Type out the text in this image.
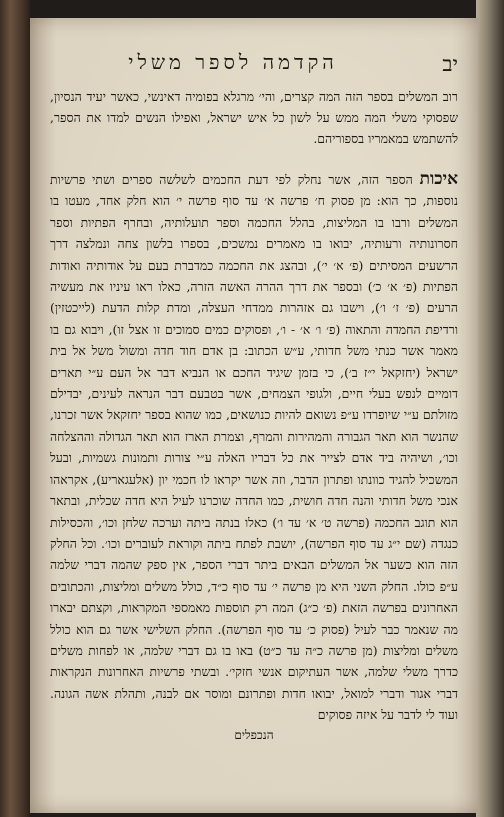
יב
הקדמה לספר משלי

רוב המשלים בספר הזה המה קצרים, והי׳ מרגלא בפומיה דאינשי, כאשר יעיד הנסיון, שפסוקי משלי המה ממש על לשון כל איש ישראל, ואפילו הנשים למדו את הספר, להשתמש במאמריו בספוריהם.

איכות הספר הזה, אשר נחלק לפי דעת החכמים לשלשה ספרים ושתי פרשיות נוספות, כך הוא: מן פסוק ח׳ פרשה א׳ עד סוף פרשה י׳ הוא חלק אחד, מעטו בו המשלים ורבו בו המליצות, בהלל החכמה וספר תועלותיה, ובחרף הפתיות וספר חסרונותיה ורעותיה, יבואו בו מאמרים נמשכים, בספרו בלשון צחה ונמלצה דרך הרשעים המסיתים (פ׳ א׳ י׳), ובהצג את החכמה כמדברת בעם על אודותיה ואודות הפתיות (פ׳ א׳ כ׳) ובספר את דרך ההרה האשה הזרה, כאלו ראו עיניו את מעשיה הרעים (פ׳ ז׳ ו׳), וישבו גם אזהרות ממדחי העצלה, ומדת קלות הדעת (לייכטזין) ורדיפת החמדה והתאוה (פ׳ ו׳ א׳ - ו׳, ופסוקים כמים סמוכים זו אצל זו), ויבוא גם בו מאמר אשר כנתי משל חדותי, ע״ש הכתוב: בן אדם חוד חדה ומשול משל אל בית ישראל (יחזקאל י״ז ב׳), כי בזמן שיגיד החכם או הנביא דבר אל העם ע״י תארים דומיים לנפש בעלי חיים, ולגופי הצמחים, אשר בטבעם דבר הנראה לעינים, יבדילם מזולתם ע״י שיופרדו ע״פ נשואם להיות כנושאים, כמו שהוא בספר יחזקאל אשר זכרנו, שהנשר הוא תאר הגבורה והמהירות והמרף, וצמרת הארז הוא תאר הגדולה וההצלחה וכו׳, ושיהיה ביד אדם לצייר את כל דבריו האלה ע״י צורות ותמונות גשמיות, ובעל המשכיל להגיד כוונתו ופתרון הדבר, וזה אשר יקראו לו חכמי יון (אלעגאריע), אקראהו אנכי משל חדותי והנה חדה חושית, כמו החדה שוכרנו לעיל היא חדה שכלית, ובתאר הוא תוגב החכמה (פרשה ט׳ א׳ עד ו׳) כאלו בנתה ביתה וערכה שלחן וכו׳, והכסילות כנגדה (שם י״ג עד סוף הפרשה), יושבת לפתח ביתה וקוראת לעוברים וכו׳. וכל החלק הזה הוא כשער אל המשלים הבאים ביתר דברי הספר, אין ספק שהמה דברי שלמה ע״פ כולו. החלק השני היא מן פרשה י׳ עד סוף כ״ד, כולל משלים ומליצות, והכתובים האחרונים בפרשה הזאת (פ׳ כ״ג) המה רק תוספות מאמספי המקראות, וקצתם יבארו מה שנאמר כבר לעיל (פסוק כ׳ עד סוף הפרשה). החלק השלישי אשר גם הוא כולל משלים ומליצות (מן פרשה כ״ה עד כ״ט) באו בו גם דברי שלמה, או לפחות משלים כדרך משלי שלמה, אשר העתיקום אנשי חזקי׳. ובשתי פרשיות האחרונות הנקראות דברי אגור ודברי למואל, יבואו חדות ופתרונם ומוסר אם לבנה, ותהלת אשה הגונה. ועוד לי לדבר על איזה פסוקים

הנכפלים
